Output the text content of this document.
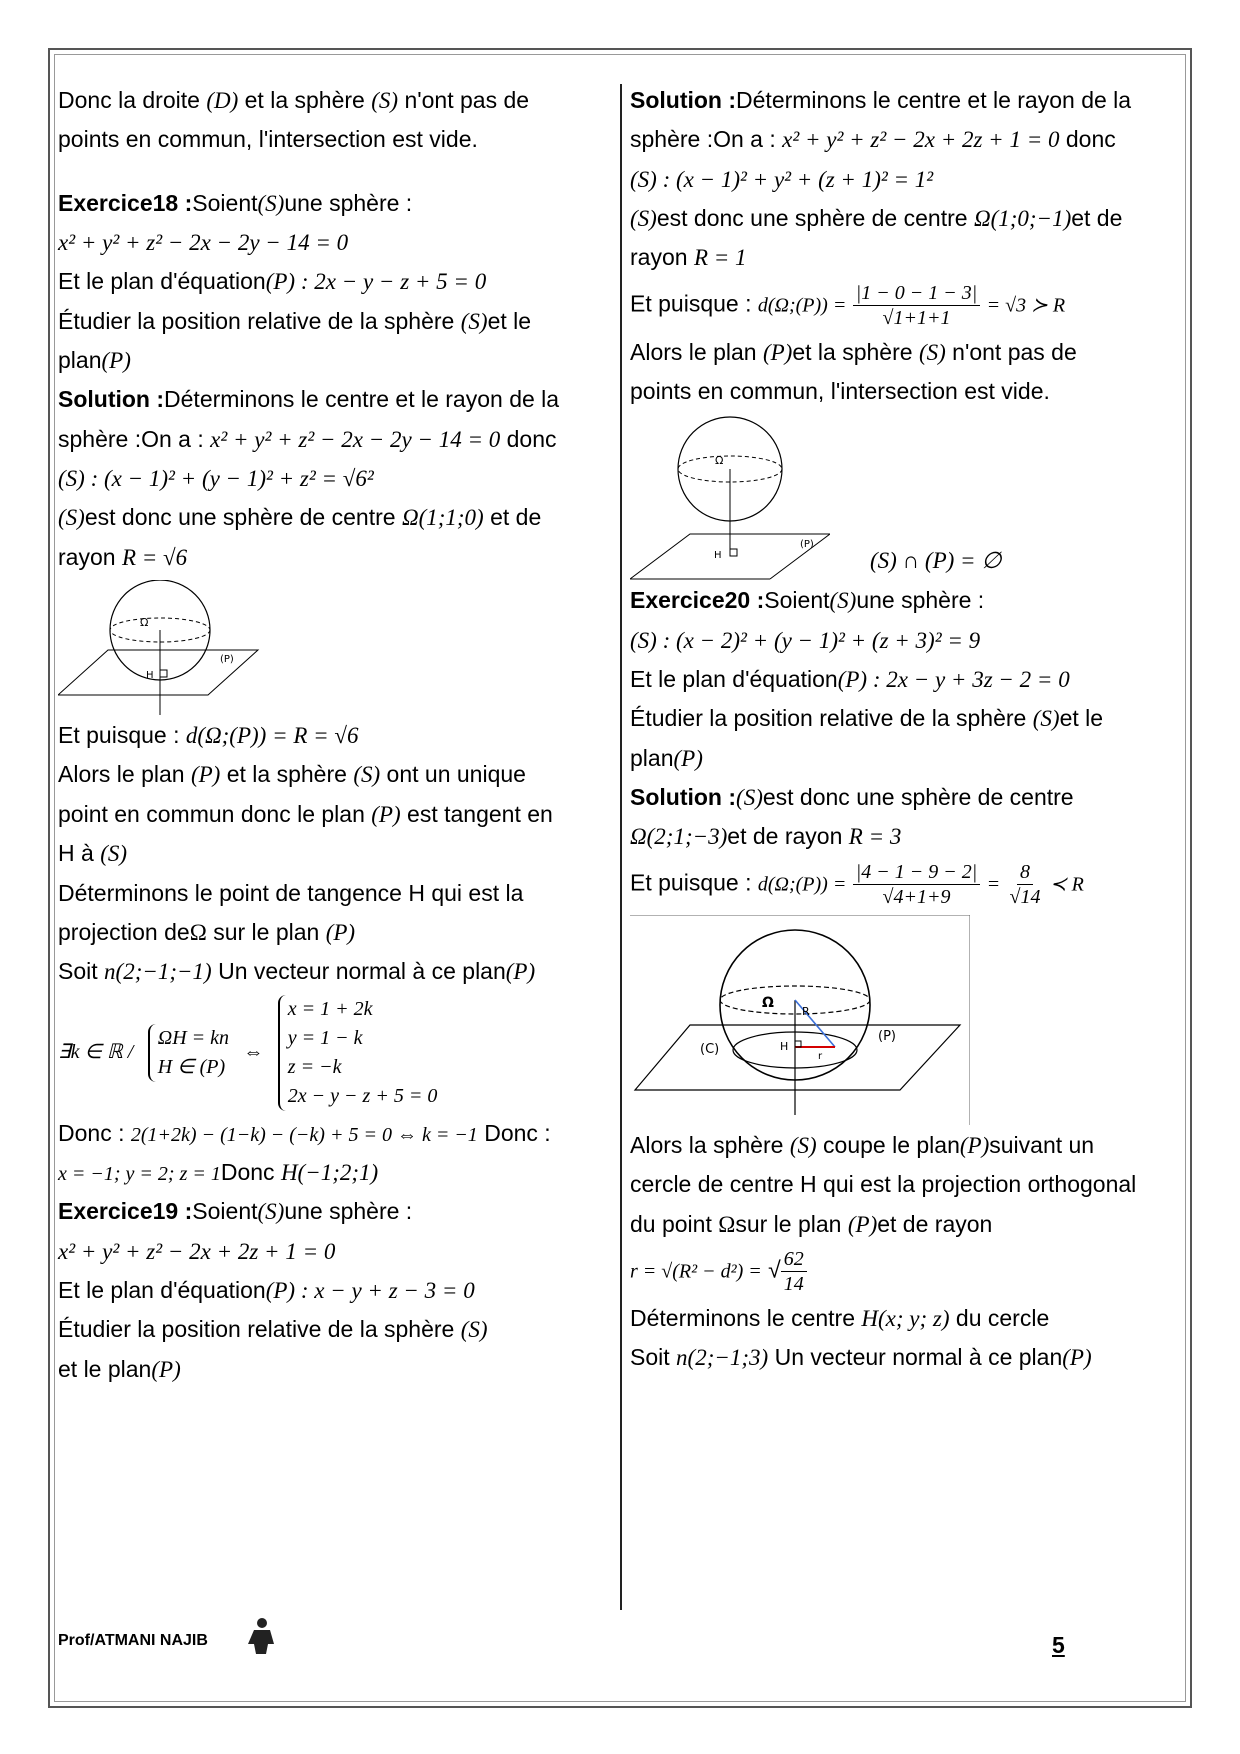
Donc la droite (D) et la sphère (S) n'ont pas de

points en commun, l'intersection est vide.

Exercice18 :Soient(S)une sphère :

x² + y² + z² − 2x − 2y − 14 = 0

Et le plan d'équation(P) : 2x − y − z + 5 = 0

Étudier la position relative de la sphère (S)et le

plan(P)

Solution :Déterminons le centre et le rayon de la

sphère :On a : x² + y² + z² − 2x − 2y − 14 = 0 donc

(S) : (x − 1)² + (y − 1)² + z² = √6²

(S)est donc une sphère de centre Ω(1;1;0) et de

rayon R = √6

Ω
(P)
H

Et puisque : d(Ω;(P)) = R = √6

Alors le plan (P) et la sphère (S) ont un unique

point en commun donc le plan (P) est tangent en

H à (S)

Déterminons le point de tangence H qui est la

projection deΩ sur le plan (P)

Soit n(2;−1;−1) Un vecteur normal à ce plan(P)

∃k ∈ ℝ / ΩH = kn
H ∈ (P) ⇔ x = 1 + 2k
y = 1 − k
z = −k
2x − y − z + 5 = 0

Donc : 2(1+2k) − (1−k) − (−k) + 5 = 0 ⇔ k = −1 Donc :

x = −1; y = 2; z = 1Donc H(−1;2;1)

Exercice19 :Soient(S)une sphère :

x² + y² + z² − 2x + 2z + 1 = 0

Et le plan d'équation(P) : x − y + z − 3 = 0

Étudier la position relative de la sphère (S)

et le plan(P)

Solution :Déterminons le centre et le rayon de la

sphère :On a : x² + y² + z² − 2x + 2z + 1 = 0 donc

(S) : (x − 1)² + y² + (z + 1)² = 1²

(S)est donc une sphère de centre Ω(1;0;−1)et de

rayon R = 1

Et puisque : d(Ω;(P)) = $\frac{|1 - 0 - 1 - 3|}{√1+1+1} = √3$ ≻ R

Alors le plan (P)et la sphère (S) n'ont pas de

points en commun, l'intersection est vide.

Ω
H
(P)
(S) ∩ (P) = ∅

Exercice20 :Soient(S)une sphère :

(S) : (x − 2)² + (y − 1)² + (z + 3)² = 9

Et le plan d'équation(P) : 2x − y + 3z − 2 = 0

Étudier la position relative de la sphère (S)et le

plan(P)

Solution :(S)est donc une sphère de centre

Ω(2;1;−3)et de rayon R = 3

Et puisque : d(Ω;(P)) = $\frac{|4 - 1 - 9 - 2|}{√4+1+9} = \frac{8}{√14}$ ≺ R

Ω
R
(C)	H
r
(P)

Alors la sphère (S) coupe le plan(P)suivant un

cercle de centre H qui est la projection orthogonal

du point Ωsur le plan (P)et de rayon

r = √(R² − d²) = √ $\frac{62}{14}$

Déterminons le centre H(x; y; z) du cercle

Soit n(2;−1;3) Un vecteur normal à ce plan(P)

Prof/ATMANI NAJIB	5
